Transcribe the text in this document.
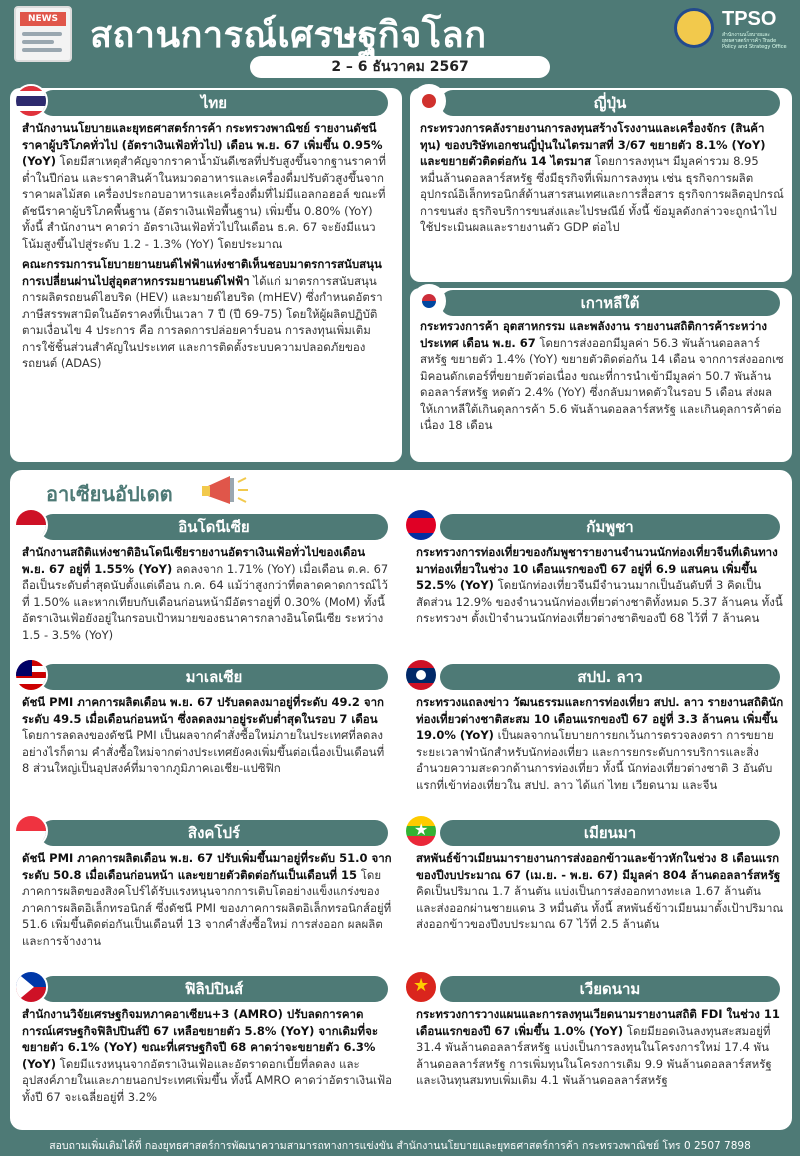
NEWS สถานการณ์เศรษฐกิจโลก
2 – 6 ธันวาคม 2567
TPSO
สำนักงานนโยบายและยุทธศาสตร์การค้า Trade Policy and Strategy Office
ไทย
สำนักงานนโยบายและยุทธศาสตร์การค้า กระทรวงพาณิชย์ รายงานดัชนีราคาผู้บริโภคทั่วไป (อัตราเงินเฟ้อทั่วไป) เดือน พ.ย. 67 เพิ่มขึ้น 0.95% (YoY) โดยมีสาเหตุสำคัญจากราคาน้ำมันดีเซลที่ปรับสูงขึ้นจากฐานราคาที่ต่ำในปีก่อน และราคาสินค้าในหมวดอาหารและเครื่องดื่มปรับตัวสูงขึ้นจากราคาผลไม้สด เครื่องประกอบอาหารและเครื่องดื่มที่ไม่มีแอลกอฮอล์ ขณะที่ดัชนีราคาผู้บริโภคพื้นฐาน (อัตราเงินเฟ้อพื้นฐาน) เพิ่มขึ้น 0.80% (YoY) ทั้งนี้ สำนักงานฯ คาดว่า อัตราเงินเฟ้อทั่วไปในเดือน ธ.ค. 67 จะยังมีแนวโน้มสูงขึ้นไปสู่ระดับ 1.2 - 1.3% (YoY) โดยประมาณ
คณะกรรมการนโยบายยานยนต์ไฟฟ้าแห่งชาติเห็นชอบมาตรการสนับสนุนการเปลี่ยนผ่านไปสู่อุตสาหกรรมยานยนต์ไฟฟ้า ได้แก่ มาตรการสนับสนุนการผลิตรถยนต์ไฮบริด (HEV) และมายด์ไฮบริด (mHEV) ซึ่งกำหนดอัตราภาษีสรรพสามิตในอัตราคงที่เป็นเวลา 7 ปี (ปี 69-75) โดยให้ผู้ผลิตปฏิบัติตามเงื่อนไข 4 ประการ คือ การลดการปล่อยคาร์บอน การลงทุนเพิ่มเติม การใช้ชิ้นส่วนสำคัญในประเทศ และการติดตั้งระบบความปลอดภัยของรถยนต์ (ADAS)
ญี่ปุ่น
กระทรวงการคลังรายงานการลงทุนสร้างโรงงานและเครื่องจักร (สินค้าทุน) ของบริษัทเอกชนญี่ปุ่นในไตรมาสที่ 3/67 ขยายตัว 8.1% (YoY) และขยายตัวติดต่อกัน 14 ไตรมาส โดยการลงทุนฯ มีมูลค่ารวม 8.95 หมื่นล้านดอลลาร์สหรัฐ ซึ่งมีธุรกิจที่เพิ่มการลงทุน เช่น ธุรกิจการผลิตอุปกรณ์อิเล็กทรอนิกส์ด้านสารสนเทศและการสื่อสาร ธุรกิจการผลิตอุปกรณ์การขนส่ง ธุรกิจบริการขนส่งและไปรษณีย์ ทั้งนี้ ข้อมูลดังกล่าวจะถูกนำไปใช้ประเมินผลและรายงานตัว GDP ต่อไป
เกาหลีใต้
กระทรวงการค้า อุตสาหกรรม และพลังงาน รายงานสถิติการค้าระหว่างประเทศ เดือน พ.ย. 67 โดยการส่งออกมีมูลค่า 56.3 พันล้านดอลลาร์สหรัฐ ขยายตัว 1.4% (YoY) ขยายตัวติดต่อกัน 14 เดือน จากการส่งออกเซมิคอนดักเตอร์ที่ขยายตัวต่อเนื่อง ขณะที่การนำเข้ามีมูลค่า 50.7 พันล้านดอลลาร์สหรัฐ หดตัว 2.4% (YoY) ซึ่งกลับมาหดตัวในรอบ 5 เดือน ส่งผลให้เกาหลีใต้เกินดุลการค้า 5.6 พันล้านดอลลาร์สหรัฐ และเกินดุลการค้าต่อเนื่อง 18 เดือน
อาเซียนอัปเดต
อินโดนีเซีย
สำนักงานสถิติแห่งชาติอินโดนีเซียรายงานอัตราเงินเฟ้อทั่วไปของเดือน พ.ย. 67 อยู่ที่ 1.55% (YoY) ลดลงจาก 1.71% (YoY) เมื่อเดือน ต.ค. 67 ถือเป็นระดับต่ำสุดนับตั้งแต่เดือน ก.ค. 64 แม้ว่าสูงกว่าที่ตลาดคาดการณ์ไว้ที่ 1.50% และหากเทียบกับเดือนก่อนหน้ามีอัตราอยู่ที่ 0.30% (MoM) ทั้งนี้ อัตราเงินเฟ้อยังอยู่ในกรอบเป้าหมายของธนาคารกลางอินโดนีเซีย ระหว่าง 1.5 - 3.5% (YoY)
กัมพูชา
กระทรวงการท่องเที่ยวของกัมพูชารายงานจำนวนนักท่องเที่ยวจีนที่เดินทางมาท่องเที่ยวในช่วง 10 เดือนแรกของปี 67 อยู่ที่ 6.9 แสนคน เพิ่มขึ้น 52.5% (YoY) โดยนักท่องเที่ยวจีนมีจำนวนมากเป็นอันดับที่ 3 คิดเป็นสัดส่วน 12.9% ของจำนวนนักท่องเที่ยวต่างชาติทั้งหมด 5.37 ล้านคน ทั้งนี้ กระทรวงฯ ตั้งเป้าจำนวนนักท่องเที่ยวต่างชาติของปี 68 ไว้ที่ 7 ล้านคน
มาเลเซีย
ดัชนี PMI ภาคการผลิตเดือน พ.ย. 67 ปรับลดลงมาอยู่ที่ระดับ 49.2 จากระดับ 49.5 เมื่อเดือนก่อนหน้า ซึ่งลดลงมาอยู่ระดับต่ำสุดในรอบ 7 เดือน โดยการลดลงของดัชนี PMI เป็นผลจากคำสั่งซื้อใหม่ภายในประเทศที่ลดลง อย่างไรก็ตาม คำสั่งซื้อใหม่จากต่างประเทศยังคงเพิ่มขึ้นต่อเนื่องเป็นเดือนที่ 8 ส่วนใหญ่เป็นอุปสงค์ที่มาจากภูมิภาคเอเชีย-แปซิฟิก
สปป. ลาว
กระทรวงแถลงข่าว วัฒนธรรมและการท่องเที่ยว สปป. ลาว รายงานสถิตินักท่องเที่ยวต่างชาติสะสม 10 เดือนแรกของปี 67 อยู่ที่ 3.3 ล้านคน เพิ่มขึ้น 19.0% (YoY) เป็นผลจากนโยบายการยกเว้นการตรวจลงตรา การขยายระยะเวลาพำนักสำหรับนักท่องเที่ยว และการยกระดับการบริการและสิ่งอำนวยความสะดวกด้านการท่องเที่ยว ทั้งนี้ นักท่องเที่ยวต่างชาติ 3 อันดับแรกที่เข้าท่องเที่ยวใน สปป. ลาว ได้แก่ ไทย เวียดนาม และจีน
สิงคโปร์
ดัชนี PMI ภาคการผลิตเดือน พ.ย. 67 ปรับเพิ่มขึ้นมาอยู่ที่ระดับ 51.0 จากระดับ 50.8 เมื่อเดือนก่อนหน้า และขยายตัวติดต่อกันเป็นเดือนที่ 15 โดยภาคการผลิตของสิงคโปร์ได้รับแรงหนุนจากการเติบโตอย่างแข็งแกร่งของภาคการผลิตอิเล็กทรอนิกส์ ซึ่งดัชนี PMI ของภาคการผลิตอิเล็กทรอนิกส์อยู่ที่ 51.6 เพิ่มขึ้นติดต่อกันเป็นเดือนที่ 13 จากคำสั่งซื้อใหม่ การส่งออก ผลผลิต และการจ้างงาน
เมียนมา
★
สหพันธ์ข้าวเมียนมารายงานการส่งออกข้าวและข้าวหักในช่วง 8 เดือนแรกของปีงบประมาณ 67 (เม.ย. - พ.ย. 67) มีมูลค่า 804 ล้านดอลลาร์สหรัฐ คิดเป็นปริมาณ 1.7 ล้านตัน แบ่งเป็นการส่งออกทางทะเล 1.67 ล้านตัน และส่งออกผ่านชายแดน 3 หมื่นตัน ทั้งนี้ สหพันธ์ข้าวเมียนมาตั้งเป้าปริมาณส่งออกข้าวของปีงบประมาณ 67 ไว้ที่ 2.5 ล้านตัน
ฟิลิปปินส์
สำนักงานวิจัยเศรษฐกิจมหภาคอาเซียน+3 (AMRO) ปรับลดการคาดการณ์เศรษฐกิจฟิลิปปินส์ปี 67 เหลือขยายตัว 5.8% (YoY) จากเดิมที่จะขยายตัว 6.1% (YoY) ขณะที่เศรษฐกิจปี 68 คาดว่าจะขยายตัว 6.3% (YoY) โดยมีแรงหนุนจากอัตราเงินเฟ้อและอัตราดอกเบี้ยที่ลดลง และอุปสงค์ภายในและภายนอกประเทศเพิ่มขึ้น ทั้งนี้ AMRO คาดว่าอัตราเงินเฟ้อทั้งปี 67 จะเฉลี่ยอยู่ที่ 3.2%
เวียดนาม
★
กระทรวงการวางแผนและการลงทุนเวียดนามรายงานสถิติ FDI ในช่วง 11 เดือนแรกของปี 67 เพิ่มขึ้น 1.0% (YoY) โดยมียอดเงินลงทุนสะสมอยู่ที่ 31.4 พันล้านดอลลาร์สหรัฐ แบ่งเป็นการลงทุนในโครงการใหม่ 17.4 พันล้านดอลลาร์สหรัฐ การเพิ่มทุนในโครงการเดิม 9.9 พันล้านดอลลาร์สหรัฐ และเงินทุนสมทบเพิ่มเติม 4.1 พันล้านดอลลาร์สหรัฐ
สอบถามเพิ่มเติมได้ที่ กองยุทธศาสตร์การพัฒนาความสามารถทางการแข่งขัน สำนักงานนโยบายและยุทธศาสตร์การค้า กระทรวงพาณิชย์ โทร 0 2507 7898
